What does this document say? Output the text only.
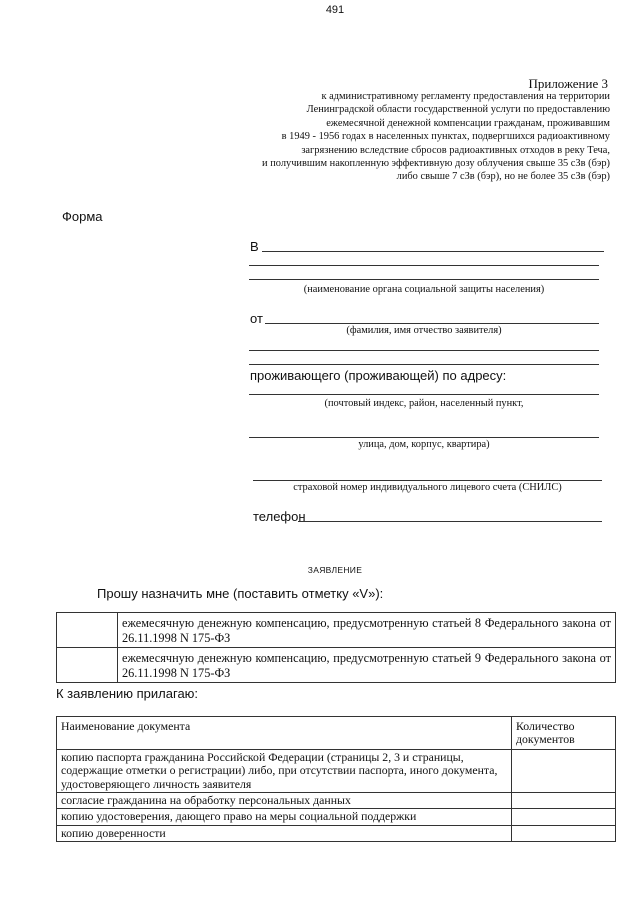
491
Приложение 3
к административному регламенту предоставления на территории
Ленинградской области государственной услуги по предоставлению
ежемесячной денежной компенсации гражданам, проживавшим
в 1949 - 1956 годах в населенных пунктах, подвергшихся радиоактивному
загрязнению вследствие сбросов радиоактивных отходов в реку Теча,
и получившим накопленную эффективную дозу облучения свыше 35 сЗв (бэр)
либо свыше 7 сЗв (бэр), но не более 35 сЗв (бэр)
Форма
В
(наименование органа социальной защиты населения)
от
(фамилия, имя отчество заявителя)
проживающего (проживающей) по адресу:
(почтовый индекс, район, населенный пункт,
улица, дом, корпус, квартира)
страховой номер индивидуального лицевого счета (СНИЛС)
телефон
ЗАЯВЛЕНИЕ
Прошу назначить мне (поставить отметку «V»):
	ежемесячную денежную компенсацию, предусмотренную статьей 8 Федерального закона от 26.11.1998 N 175-ФЗ
	ежемесячную денежную компенсацию, предусмотренную статьей 9 Федерального закона от 26.11.1998 N 175-ФЗ
К заявлению прилагаю:
Наименование документа	Количество документов
копию паспорта гражданина Российской Федерации (страницы 2, 3 и страницы, содержащие отметки о регистрации) либо, при отсутствии паспорта, иного документа, удостоверяющего личность заявителя	
согласие гражданина на обработку персональных данных	
копию удостоверения, дающего право на меры социальной поддержки	
копию доверенности	
